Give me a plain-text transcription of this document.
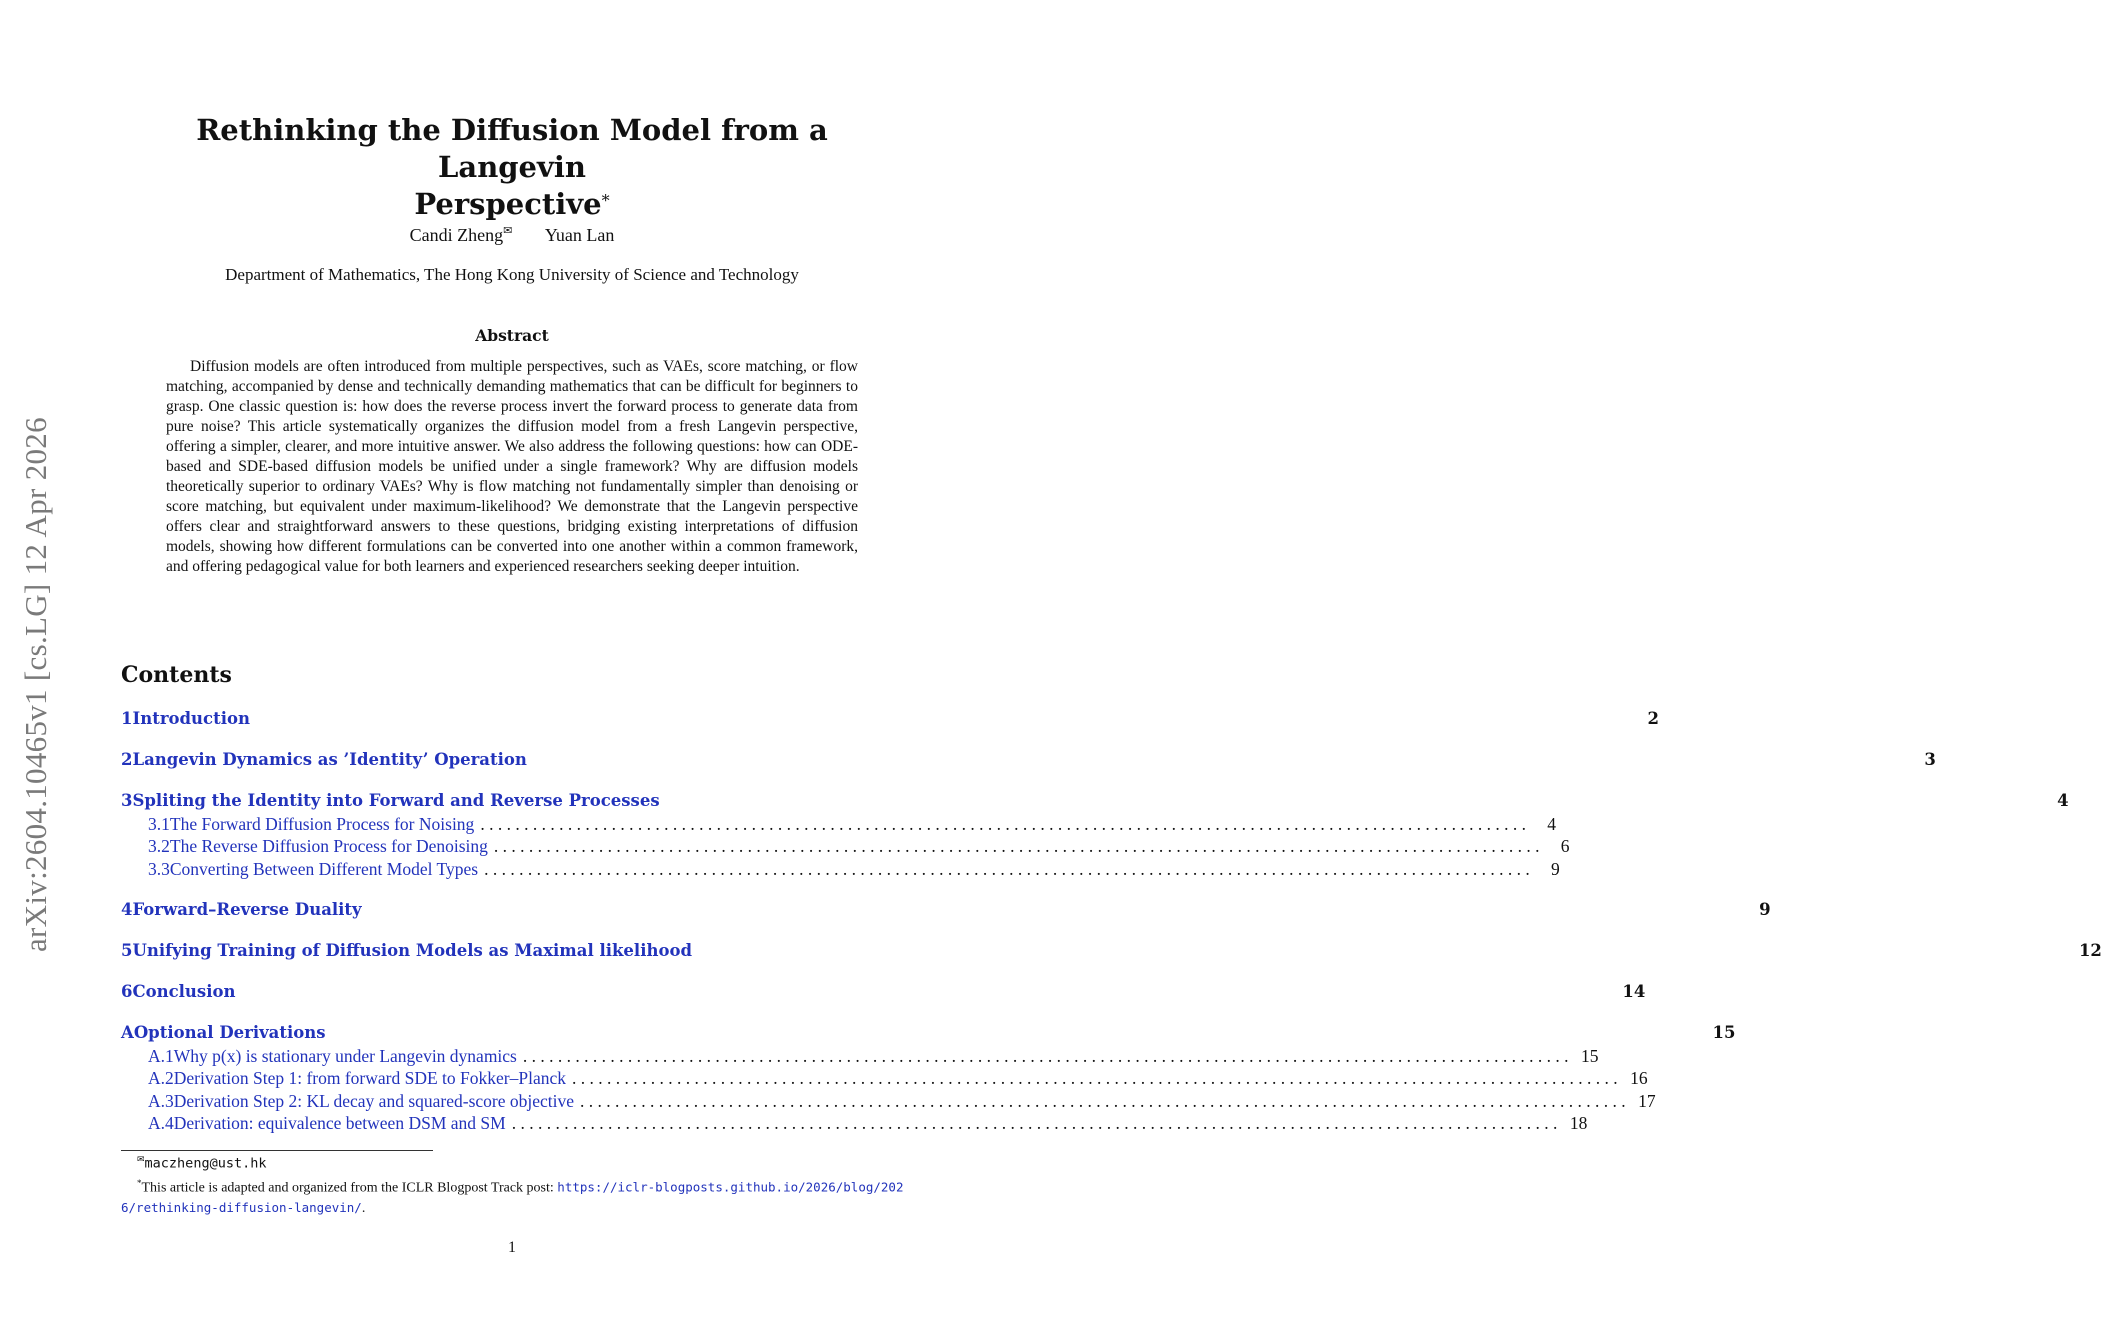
arXiv:2604.10465v1 [cs.LG] 12 Apr 2026
Rethinking the Diffusion Model from a Langevin
Perspective*
Candi Zheng✉ Yuan Lan
Department of Mathematics, The Hong Kong University of Science and Technology
Abstract

Diffusion models are often introduced from multiple perspectives, such as VAEs, score matching, or flow matching, accompanied by dense and technically demanding mathematics that can be difficult for beginners to grasp. One classic question is: how does the reverse process invert the forward process to generate data from pure noise? This article systematically organizes the diffusion model from a fresh Langevin perspective, offering a simpler, clearer, and more intuitive answer. We also address the following questions: how can ODE-based and SDE-based diffusion models be unified under a single framework? Why are diffusion models theoretically superior to ordinary VAEs? Why is flow matching not fundamentally simpler than denoising or score matching, but equivalent under maximum-likelihood? We demonstrate that the Langevin perspective offers clear and straightforward answers to these questions, bridging existing interpretations of diffusion models, showing how different formulations can be converted into one another within a common framework, and offering pedagogical value for both learners and experienced researchers seeking deeper intuition.

Contents
1 Introduction	2
2 Langevin Dynamics as ’Identity’ Operation	3
3 Spliting the Identity into Forward and Reverse Processes	4
3.1 The Forward Diffusion Process for Noising . . . . . . . . . . . . . . . . . . . . . . . . . . . . . . . . . . . . . . . . . . . . . . . . . . . . . . . . . . . . . . . . . . . . . . . . . . . . . . . . . . . . . . . . . . . . . . . . . . . . . . . . . . . . . . . . . . . . . . . .	4
3.2 The Reverse Diffusion Process for Denoising . . . . . . . . . . . . . . . . . . . . . . . . . . . . . . . . . . . . . . . . . . . . . . . . . . . . . . . . . . . . . . . . . . . . . . . . . . . . . . . . . . . . . . . . . . . . . . . . . . . . . . . . . . . . . . . . . . . . . . . .	6
3.3 Converting Between Different Model Types . . . . . . . . . . . . . . . . . . . . . . . . . . . . . . . . . . . . . . . . . . . . . . . . . . . . . . . . . . . . . . . . . . . . . . . . . . . . . . . . . . . . . . . . . . . . . . . . . . . . . . . . . . . . . . . . . . . . . . . .	9
4 Forward–Reverse Duality	9
5 Unifying Training of Diffusion Models as Maximal likelihood	12
6 Conclusion	14
A Optional Derivations	15
A.1 Why p(x) is stationary under Langevin dynamics . . . . . . . . . . . . . . . . . . . . . . . . . . . . . . . . . . . . . . . . . . . . . . . . . . . . . . . . . . . . . . . . . . . . . . . . . . . . . . . . . . . . . . . . . . . . . . . . . . . . . . . . . . . . . . . . . . . . . . . . 15
A.2 Derivation Step 1: from forward SDE to Fokker–Planck . . . . . . . . . . . . . . . . . . . . . . . . . . . . . . . . . . . . . . . . . . . . . . . . . . . . . . . . . . . . . . . . . . . . . . . . . . . . . . . . . . . . . . . . . . . . . . . . . . . . . . . . . . . . . . . . . . . . . . . . 16
A.3 Derivation Step 2: KL decay and squared-score objective . . . . . . . . . . . . . . . . . . . . . . . . . . . . . . . . . . . . . . . . . . . . . . . . . . . . . . . . . . . . . . . . . . . . . . . . . . . . . . . . . . . . . . . . . . . . . . . . . . . . . . . . . . . . . . . . . . . . . . . . 17
A.4 Derivation: equivalence between DSM and SM . . . . . . . . . . . . . . . . . . . . . . . . . . . . . . . . . . . . . . . . . . . . . . . . . . . . . . . . . . . . . . . . . . . . . . . . . . . . . . . . . . . . . . . . . . . . . . . . . . . . . . . . . . . . . . . . . . . . . . . . 18
✉maczheng@ust.hk

*This article is adapted and organized from the ICLR Blogpost Track post: https://iclr-blogposts.github.io/2026/blog/2026/rethinking-diffusion-langevin/.

1
